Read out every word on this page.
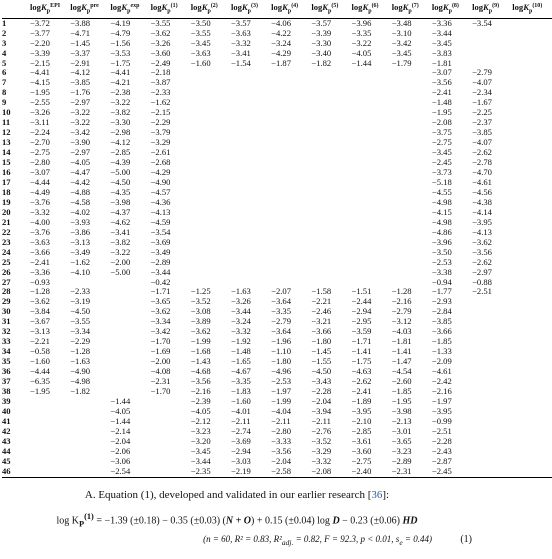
	logK$_p^{EPI}$	logK$_p^{pre}$	logK$_p^{exp}$	logK$_p^{(1)}$	logK$_p^{(2)}$	logK$_p^{(3)}$	logK$_p^{(4)}$	logK$_p^{(5)}$	logK$_p^{(6)}$	logK$_p^{(7)}$	logK$_p^{(8)}$	logK$_p^{(9)}$	logK$_p^{(10)}$
1	−3.72	−3.88	−4.19	−3.55	−3.50	−3.57	−4.06	−3.57	−3.96	−3.48	−3.36	−3.54	
2	−3.77	−4.71	−4.79	−3.62	−3.55	−3.63	−4.22	−3.39	−3.35	−3.10	−3.44		
3	−2.20	−1.45	−1.56	−3.26	−3.45	−3.32	−3.24	−3.30	−3.22	−3.42	−3.45		
4	−3.39	−3.37	−3.53	−3.60	−3.63	−3.41	−4.29	−3.40	−4.05	−3.45	−3.83		
5	−2.15	−2.91	−1.75	−2.49	−1.60	−1.54	−1.87	−1.82	−1.44	−1.79	−1.81		
6	−4.41	−4.12	−4.41	−2.18							−3.07	−2.79	
7	−4.15	−3.85	−4.21	−3.87							−3.56	−4.07	
8	−1.95	−1.76	−2.38	−2.33							−2.41	−2.34	
9	−2.55	−2.97	−3.22	−1.62							−1.48	−1.67	
10	−3.26	−3.22	−3.82	−2.15							−1.95	−2.25	
11	−3.11	−3.22	−3.30	−2.29							−2.08	−2.37	
12	−2.24	−3.42	−2.98	−3.79							−3.75	−3.85	
13	−2.70	−3.90	−4.12	−3.29							−2.75	−4.07	
14	−2.75	−2.97	−2.85	−2.61							−3.45	−2.62	
15	−2.80	−4.05	−4.39	−2.68							−2.45	−2.78	
16	−3.07	−4.47	−5.00	−4.29							−3.73	−4.70	
17	−4.44	−4.42	−4.50	−4.90							−5.18	−4.61	
18	−4.49	−4.88	−4.35	−4.57							−4.55	−4.56	
19	−3.76	−4.58	−3.98	−4.36							−4.98	−4.38	
20	−3.32	−4.02	−4.37	−4.13							−4.15	−4.14	
21	−4.00	−3.93	−4.62	−4.59							−4.98	−3.95	
22	−3.76	−3.86	−3.41	−3.54							−4.86	−4.13	
23	−3.63	−3.13	−3.82	−3.69							−3.96	−3.62	
24	−3.66	−3.49	−3.22	−3.49							−3.50	−3.56	
25	−2.41	−1.62	−2.00	−2.89							−2.53	−2.62	
26	−3.36	−4.10	−5.00	−3.44							−3.38	−2.97	
27	−0.93			−0.42							−0.94	−0.88	
28	−1.28	−2.33		−1.71	−1.25	−1.63	−2.07	−1.58	−1.51	−1.28	−1.77	−2.51	
29	−3.62	−3.19		−3.65	−3.52	−3.26	−3.64	−2.21	−2.44	−2.16	−2.93		
30	−3.84	−4.50		−3.62	−3.08	−3.44	−3.35	−2.46	−2.94	−2.79	−2.84		
31	−3.67	−3.55		−3.34	−3.89	−3.24	−2.79	−3.21	−2.95	−3.12	−3.85		
32	−3.13	−3.34		−3.42	−3.62	−3.32	−3.64	−3.66	−3.59	−4.03	−3.66		
33	−2.21	−2.29		−1.70	−1.99	−1.92	−1.96	−1.80	−1.71	−1.81	−1.85		
34	−0.58	−1.28		−1.69	−1.68	−1.48	−1.10	−1.45	−1.41	−1.41	−1.33		
35	−1.60	−1.63		−2.00	−1.43	−1.65	−1.80	−1.55	−1.75	−1.47	−2.09		
36	−4.44	−4.90		−4.08	−4.68	−4.67	−4.96	−4.50	−4.63	−4.54	−4.61		
37	−6.35	−4.98		−2.31	−3.56	−3.35	−2.53	−3.43	−2.62	−2.60	−2.42		
38	−1.95	−1.82		−1.70	−2.16	−1.83	−1.97	−2.28	−2.41	−1.85	−2.16		
39			−1.44		−2.39	−1.60	−1.99	−2.04	−1.89	−1.95	−1.97		
40			−4.05		−4.05	−4.01	−4.04	−3.94	−3.95	−3.98	−3.95		
41			−1.44		−2.12	−2.11	−2.11	−2.11	−2.10	−2.13	−0.99		
42			−2.14		−3.23	−2.74	−2.80	−2.76	−2.85	−3.01	−2.51		
43			−2.04		−3.20	−3.69	−3.33	−3.52	−3.61	−3.65	−2.28		
44			−2.06		−3.45	−2.94	−3.56	−3.29	−3.60	−3.23	−2.43		
45			−3.06		−3.44	−3.03	−2.04	−3.32	−2.75	−2.89	−2.87		
46			−2.54		−2.35	−2.19	−2.58	−2.08	−2.40	−2.31	−2.45		
A. Equation (1), developed and validated in our earlier research [36]:
$\log K_P^{(1)} = -1.39$ (±0.18) − 0.35 (±0.03) (N + O) + 0.15 (±0.04) log D − 0.23 (±0.06) HD
(n = 60, R² = 0.83, $R^2_{adj.} = 0.82$, F = 92.3, p < 0.01, $s_e = 0.44$)	(1)
